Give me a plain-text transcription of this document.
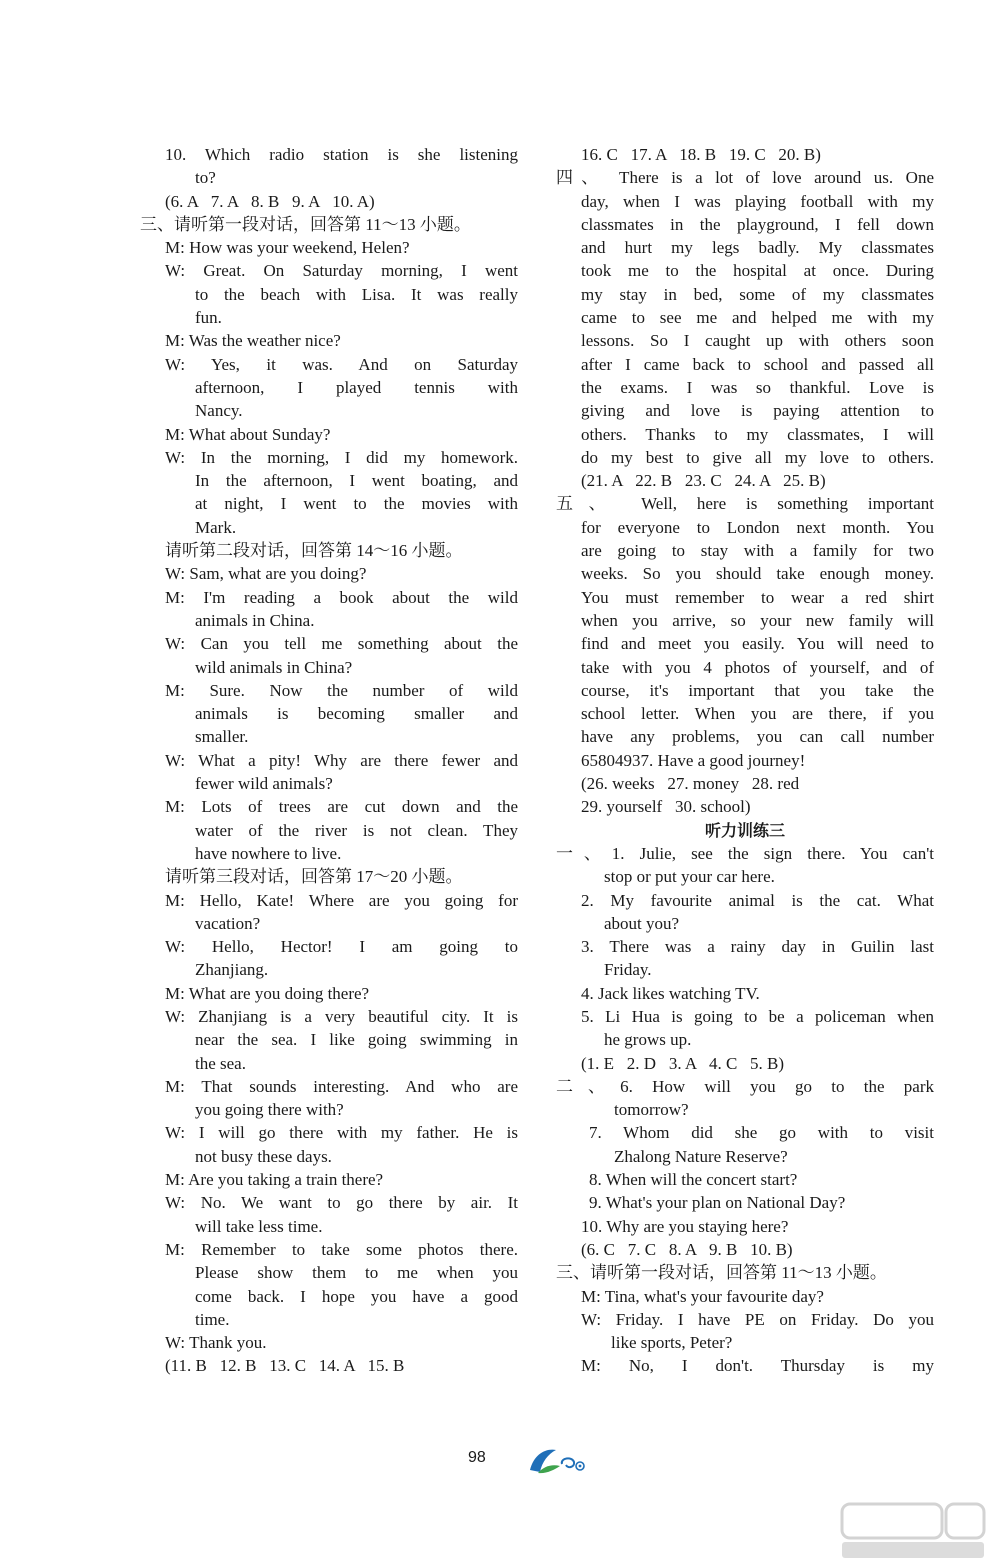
10. Which radio station is she listening
to?
(6. A   7. A   8. B   9. A   10. A)
三、请听第一段对话，回答第 11～13 小题。
M: How was your weekend, Helen?
W: Great. On Saturday morning, I went
to the beach with Lisa. It was really
fun.
M: Was the weather nice?
W: Yes, it was. And on Saturday
afternoon, I played tennis with
Nancy.
M: What about Sunday?
W: In the morning, I did my homework.
In the afternoon, I went boating, and
at night, I went to the movies with
Mark.
请听第二段对话，回答第 14～16 小题。
W: Sam, what are you doing?
M: I'm reading a book about the wild
animals in China.
W: Can you tell me something about the
wild animals in China?
M: Sure. Now the number of wild
animals is becoming smaller and
smaller.
W: What a pity! Why are there fewer and
fewer wild animals?
M: Lots of trees are cut down and the
water of the river is not clean. They
have nowhere to live.
请听第三段对话，回答第 17～20 小题。
M: Hello, Kate! Where are you going for
vacation?
W: Hello, Hector! I am going to
Zhanjiang.
M: What are you doing there?
W: Zhanjiang is a very beautiful city. It is
near the sea. I like going swimming in
the sea.
M: That sounds interesting. And who are
you going there with?
W: I will go there with my father. He is
not busy these days.
M: Are you taking a train there?
W: No. We want to go there by air. It
will take less time.
M: Remember to take some photos there.
Please show them to me when you
come back. I hope you have a good
time.
W: Thank you.
(11. B   12. B   13. C   14. A   15. B
16. C   17. A   18. B   19. C   20. B)
四、 There is a lot of love around us. One
day, when I was playing football with my
classmates in the playground, I fell down
and hurt my legs badly. My classmates
took me to the hospital at once. During
my stay in bed, some of my classmates
came to see me and helped me with my
lessons. So I caught up with others soon
after I came back to school and passed all
the exams. I was so thankful. Love is
giving and love is paying attention to
others. Thanks to my classmates, I will
do my best to give all my love to others.
(21. A   22. B   23. C   24. A   25. B)
五、 Well, here is something important
for everyone to London next month. You
are going to stay with a family for two
weeks. So you should take enough money.
You must remember to wear a red shirt
when you arrive, so your new family will
find and meet you easily. You will need to
take with you 4 photos of yourself, and of
course, it's important that you take the
school letter. When you are there, if you
have any problems, you can call number
65804937. Have a good journey!
(26. weeks   27. money   28. red
29. yourself   30. school)
听力训练三
一、1. Julie, see the sign there. You can't
stop or put your car here.
2. My favourite animal is the cat. What
about you?
3. There was a rainy day in Guilin last
Friday.
4. Jack likes watching TV.
5. Li Hua is going to be a policeman when
he grows up.
(1. E   2. D   3. A   4. C   5. B)
二、6. How will you go to the park
tomorrow?
7. Whom did she go with to visit
Zhalong Nature Reserve?
8. When will the concert start?
9. What's your plan on National Day?
10. Why are you staying here?
(6. C   7. C   8. A   9. B   10. B)
三、请听第一段对话，回答第 11～13 小题。
M: Tina, what's your favourite day?
W: Friday. I have PE on Friday. Do you
like sports, Peter?
M: No, I don't. Thursday is my
98
